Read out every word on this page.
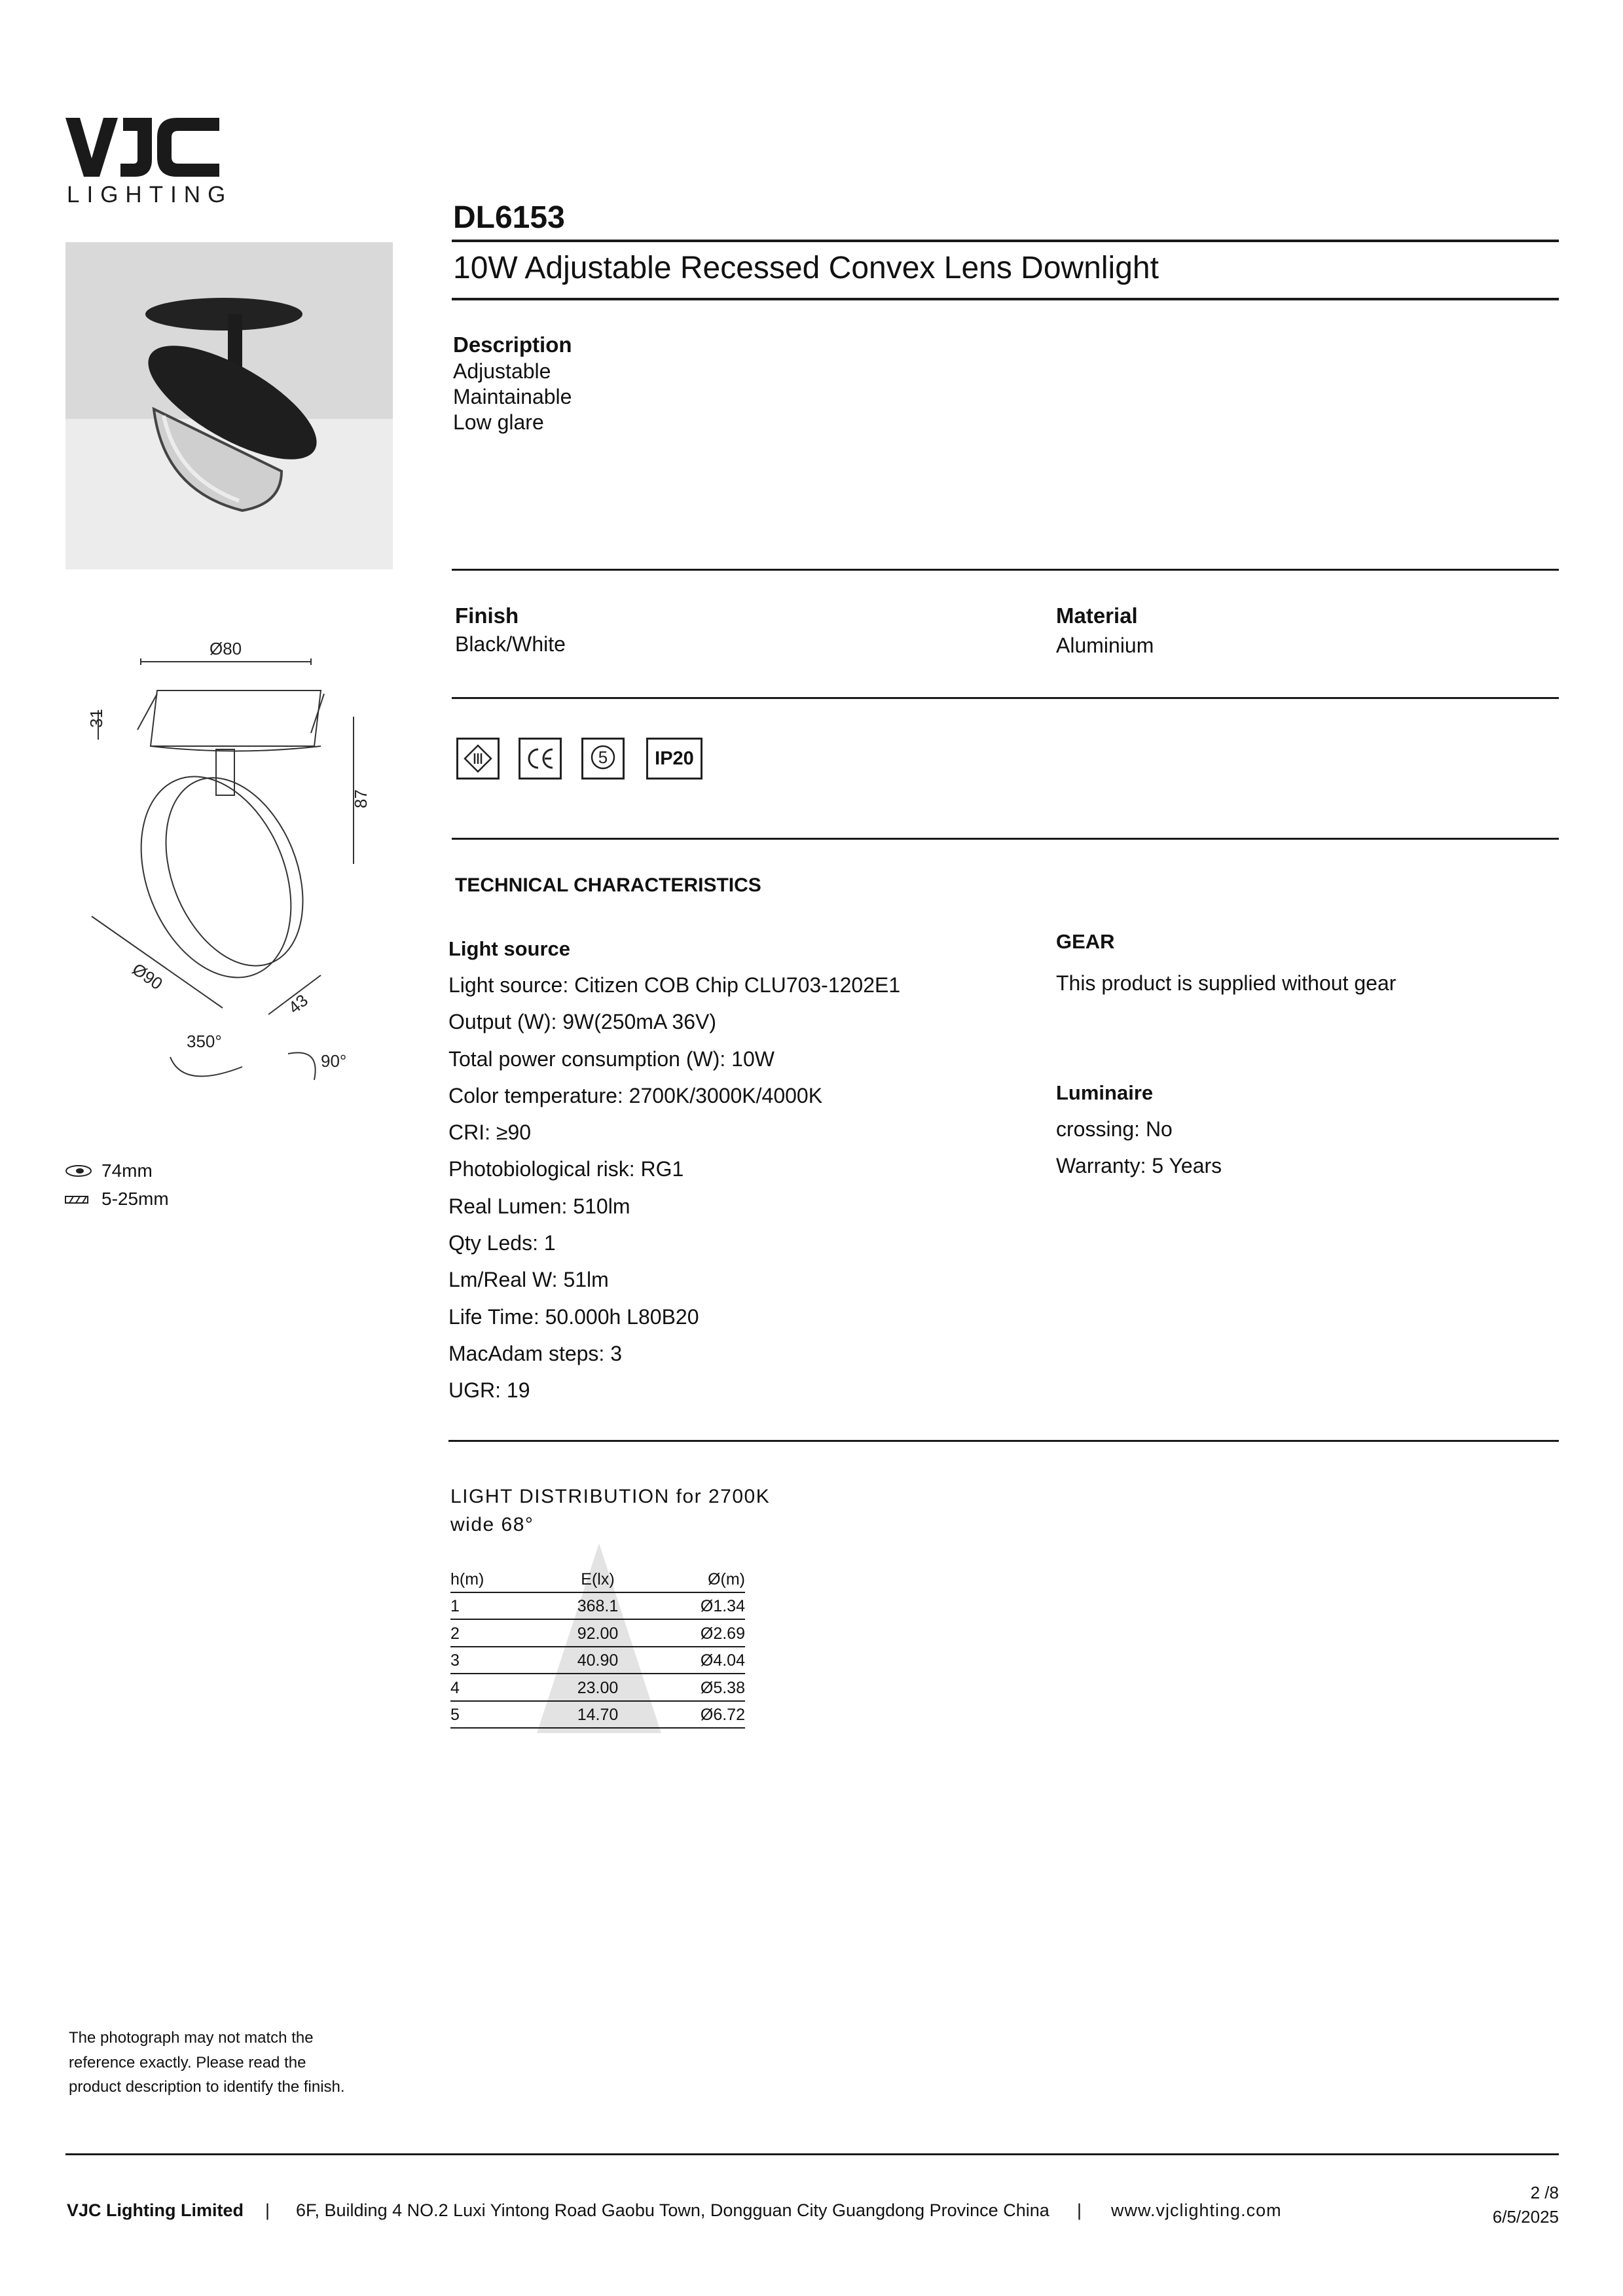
LIGHTING
DL6153
10W Adjustable Recessed Convex Lens Downlight
Ø80
31
87
Ø90
43
350°
90°
74mm
5-25mm
Description
Adjustable
Maintainable
Low glare
Finish
Black/White
Material
Aluminium
5 IP20
TECHNICAL CHARACTERISTICS
Light source
Light source: Citizen COB Chip CLU703-1202E1
Output (W): 9W(250mA 36V)
Total power consumption (W): 10W
Color temperature: 2700K/3000K/4000K
CRI: ≥90
Photobiological risk: RG1
Real Lumen: 510lm
Qty Leds: 1
Lm/Real W: 51lm
Life Time: 50.000h L80B20
MacAdam steps: 3
UGR: 19
GEAR
This product is supplied without gear
Luminaire
crossing: No
Warranty: 5 Years
LIGHT DISTRIBUTION for 2700K
wide 68°
h(m)	E(lx)	Ø(m)
1	368.1	Ø1.34
2	92.00	Ø2.69
3	40.90	Ø4.04
4	23.00	Ø5.38
5	14.70	Ø6.72
The photograph may not match the
reference exactly. Please read the
product description to identify the finish.
VJC Lighting Limited | 6F, Building 4 NO.2 Luxi Yintong Road Gaobu Town, Dongguan City Guangdong Province China | www.vjclighting.com
2 /8
6/5/2025
